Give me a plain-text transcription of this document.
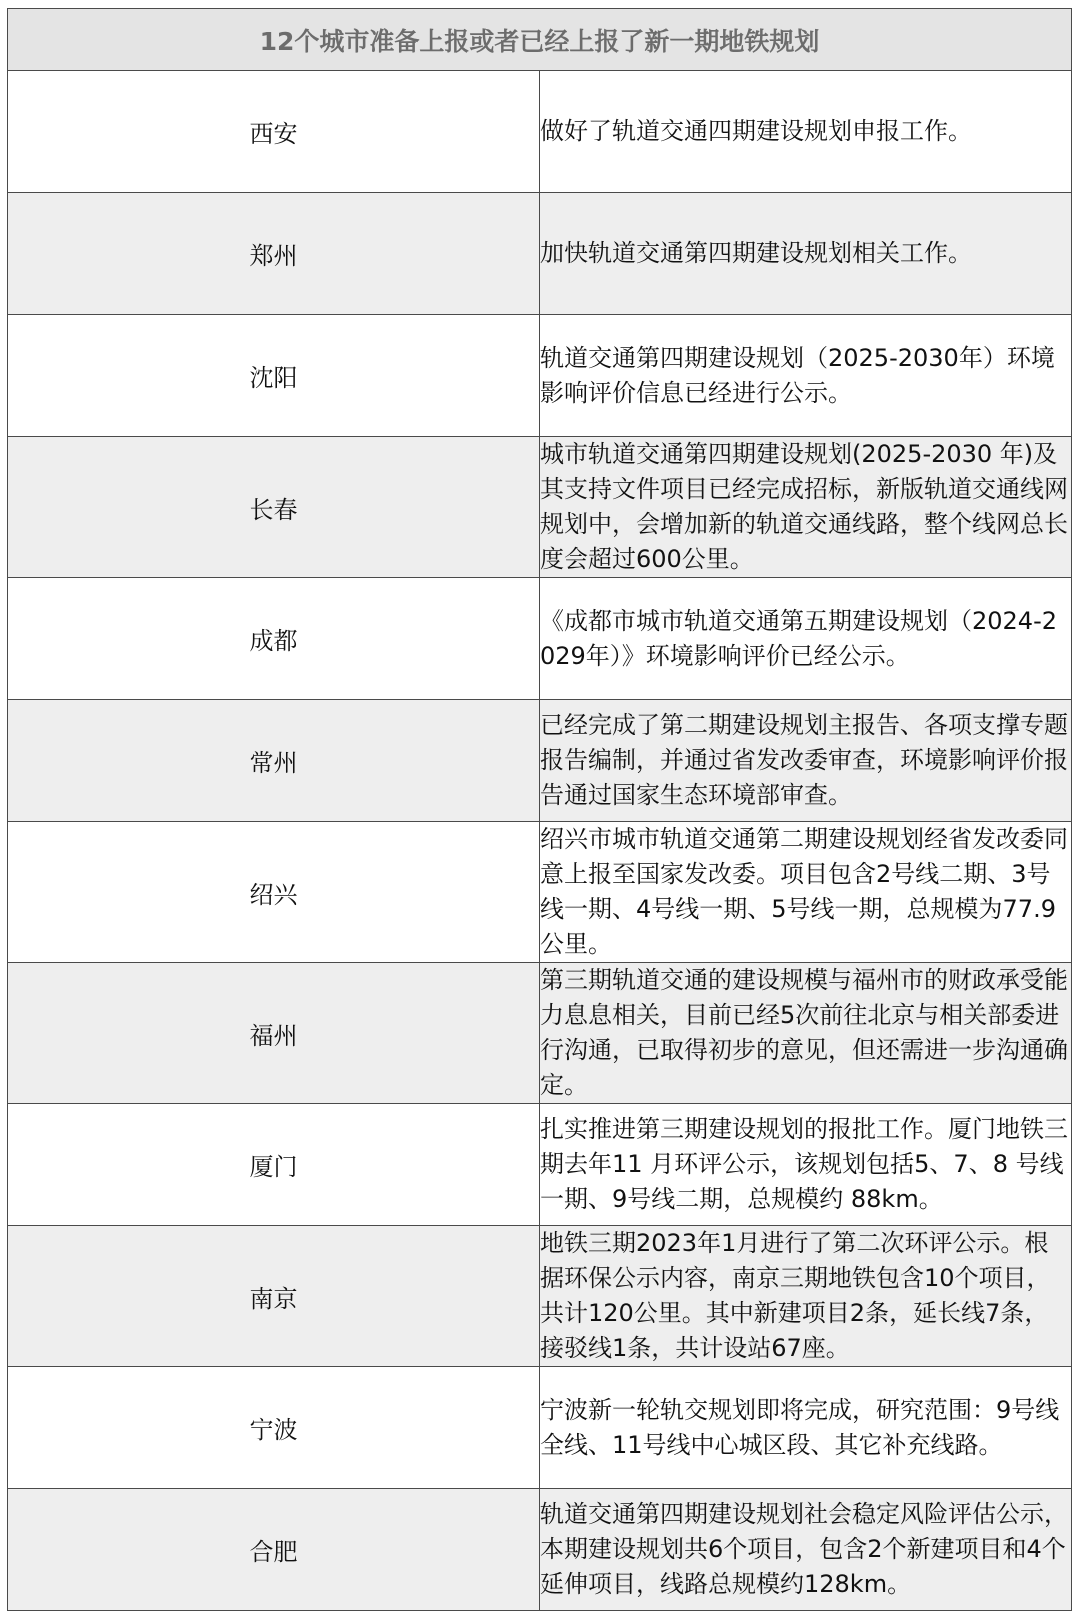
12个城市准备上报或者已经上报了新一期地铁规划	
西安	做好了轨道交通四期建设规划申报工作。
郑州	加快轨道交通第四期建设规划相关工作。
沈阳	轨道交通第四期建设规划（2025-2030年）环境影响评价信息已经进行公示。
长春	城市轨道交通第四期建设规划(2025-2030 年)及其支持文件项目已经完成招标，新版轨道交通线网规划中，会增加新的轨道交通线路，整个线网总长度会超过600公里。
成都	《成都市城市轨道交通第五期建设规划（2024-2029年）》环境影响评价已经公示。
常州	已经完成了第二期建设规划主报告、各项支撑专题报告编制，并通过省发改委审查，环境影响评价报告通过国家生态环境部审查。
绍兴	绍兴市城市轨道交通第二期建设规划经省发改委同意上报至国家发改委。项目包含2号线二期、3号线一期、4号线一期、5号线一期，总规模为77.9公里。
福州	第三期轨道交通的建设规模与福州市的财政承受能力息息相关，目前已经5次前往北京与相关部委进行沟通，已取得初步的意见，但还需进一步沟通确定。
厦门	扎实推进第三期建设规划的报批工作。厦门地铁三期去年11 月环评公示，该规划包括5、7、8 号线一期、9号线二期，总规模约 88km。
南京	地铁三期2023年1月进行了第二次环评公示。根据环保公示内容，南京三期地铁包含10个项目，共计120公里。其中新建项目2条，延长线7条，接驳线1条，共计设站67座。
宁波	宁波新一轮轨交规划即将完成，研究范围：9号线全线、11号线中心城区段、其它补充线路。
合肥	轨道交通第四期建设规划社会稳定风险评估公示，本期建设规划共6个项目，包含2个新建项目和4个延伸项目，线路总规模约128km。
